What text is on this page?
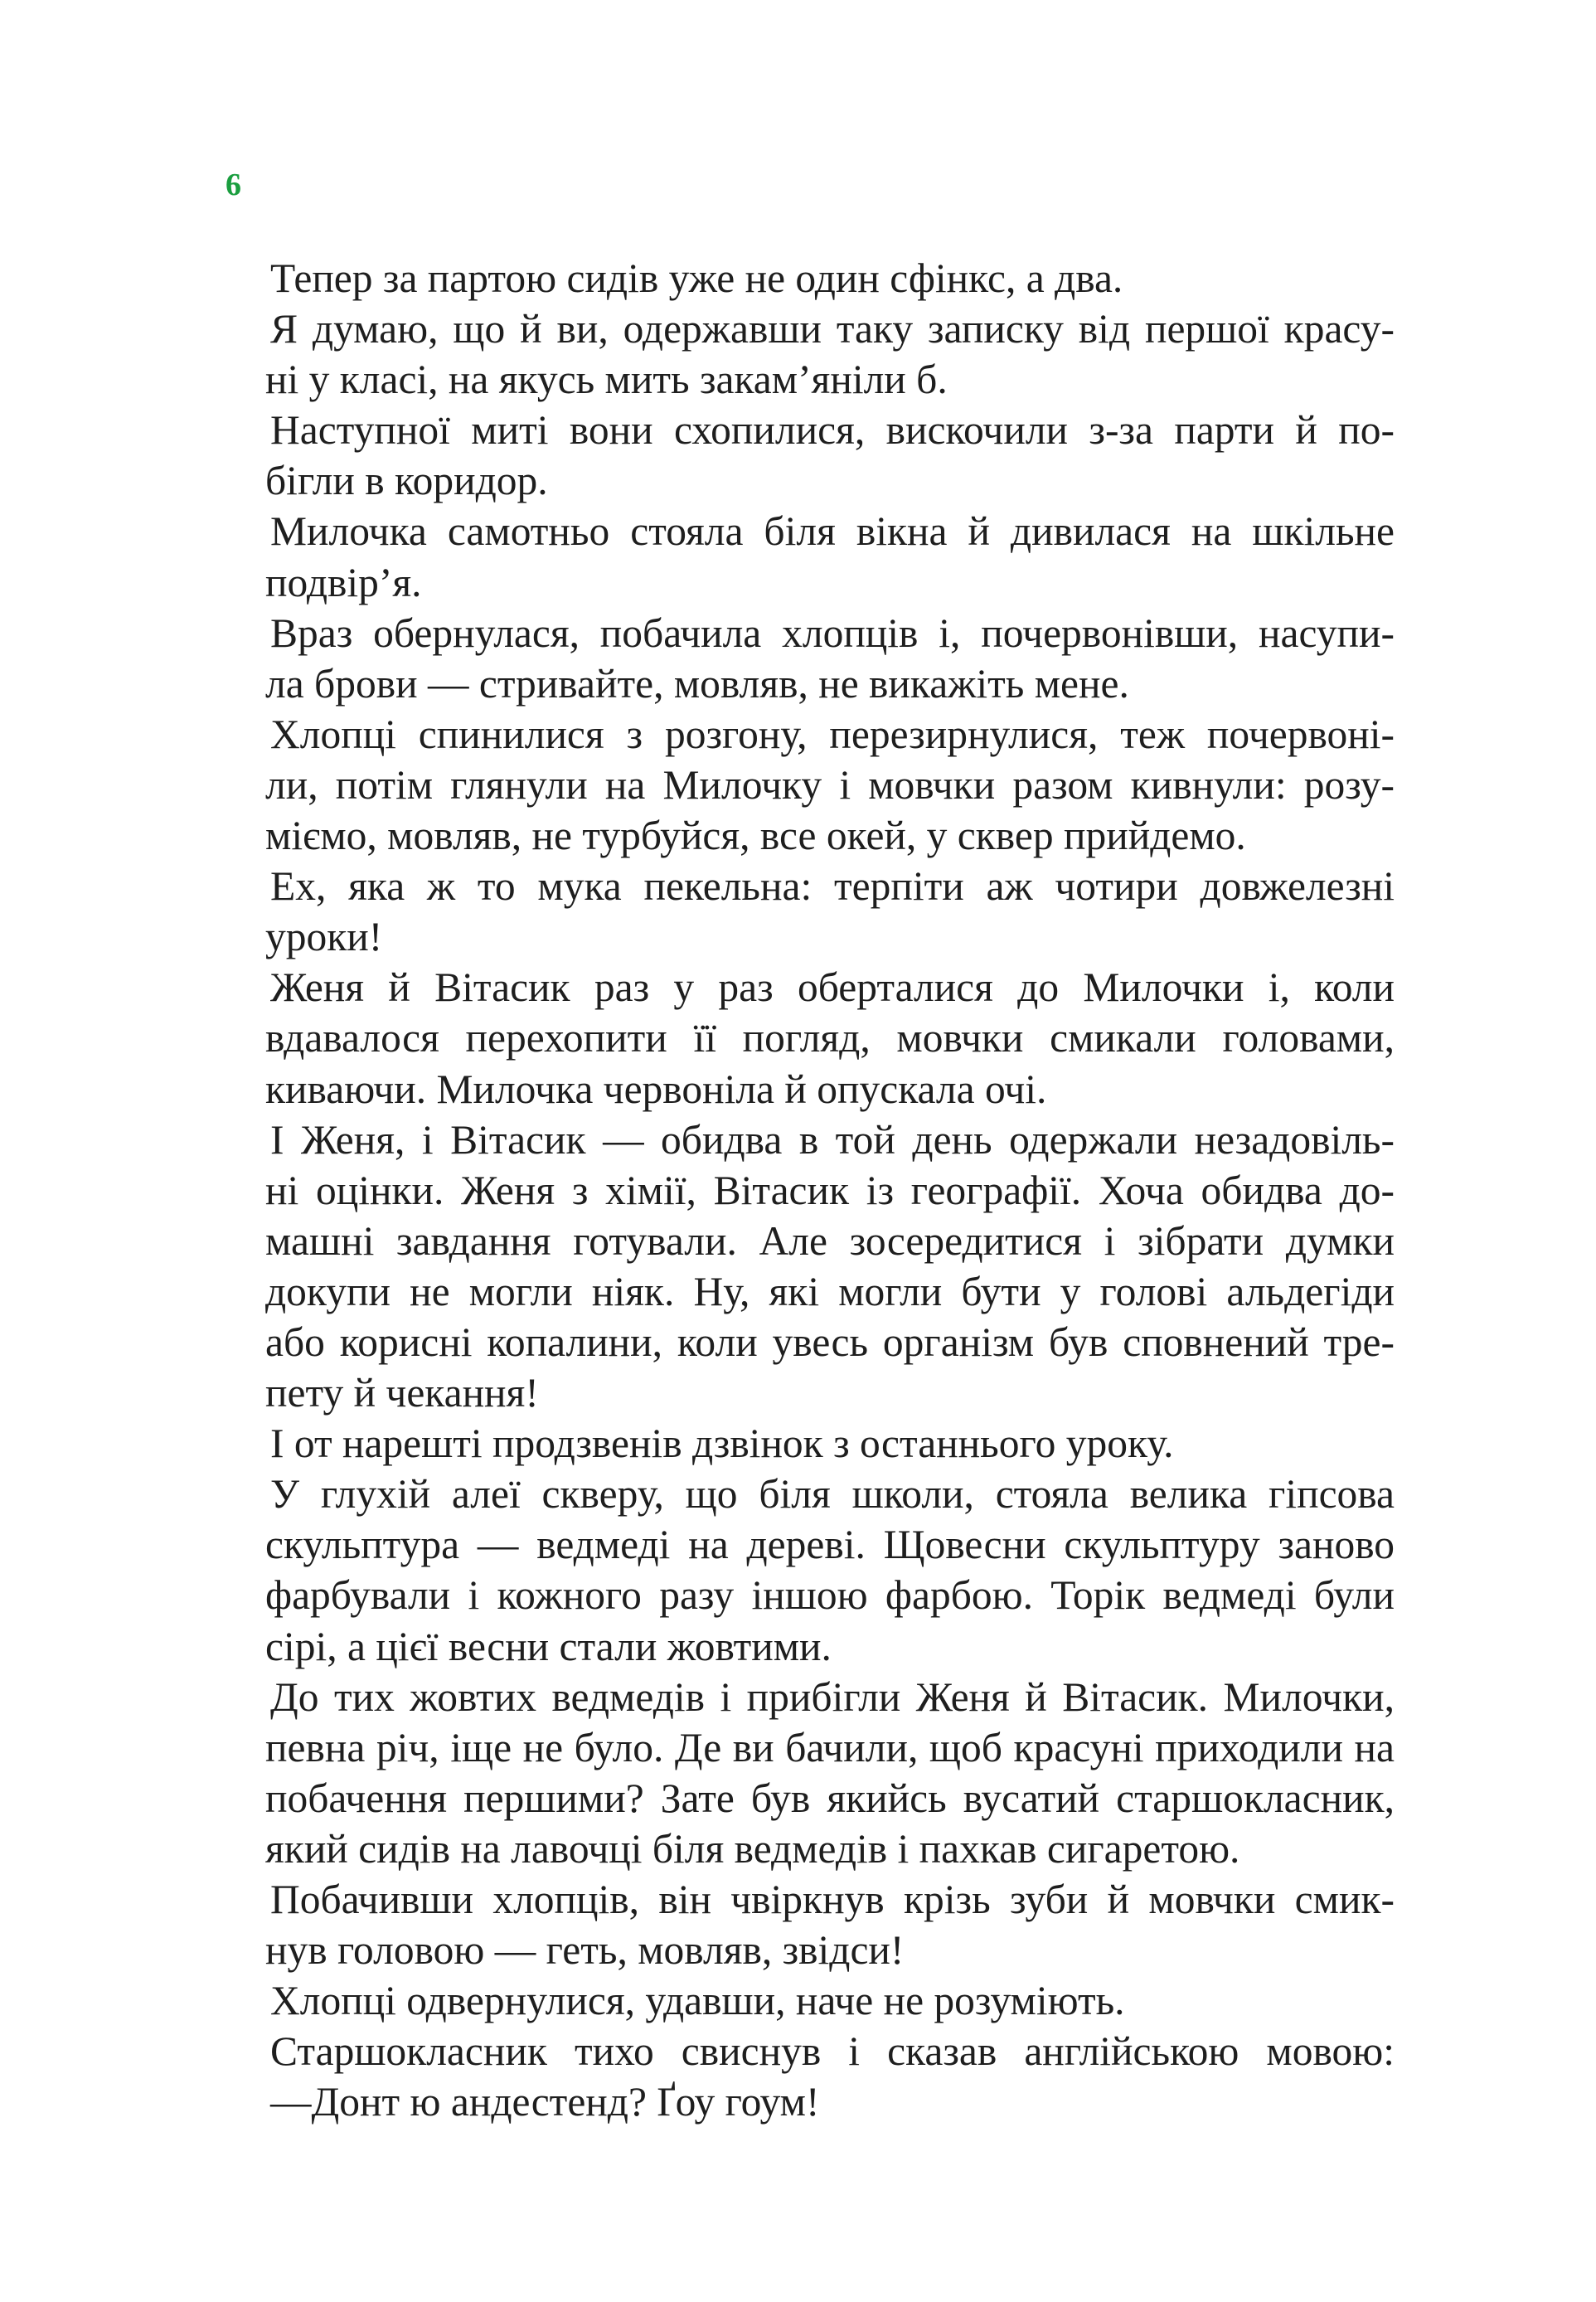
6

Тепер за партою сидів уже не один сфінкс, а два.

Я думаю, що й ви, одержавши таку записку від першої красу-
ні у класі, на якусь мить закам’яніли б.

Наступної миті вони схопилися, вискочили з-за парти й по-
бігли в коридор.

Милочка самотньо стояла біля вікна й дивилася на шкільне
подвір’я.

Враз обернулася, побачила хлопців і, почервонівши, насупи-
ла брови — стривайте, мовляв, не викажіть мене.

Хлопці спинилися з розгону, перезирнулися, теж почервоні-
ли, потім глянули на Милочку і мовчки разом кивнули: розу-
міємо, мовляв, не турбуйся, все окей, у сквер прийдемо.

Ех, яка ж то мука пекельна: терпіти аж чотири довжелезні
уроки!

Женя й Вітасик раз у раз оберталися до Милочки і, коли
вдавалося перехопити її погляд, мовчки смикали головами,
киваючи. Милочка червоніла й опускала очі.

І Женя, і Вітасик — обидва в той день одержали незадовіль-
ні оцінки. Женя з хімії, Вітасик із географії. Хоча обидва до-
машні завдання готували. Але зосередитися і зібрати думки
докупи не могли ніяк. Ну, які могли бути у голові альдегіди
або корисні копалини, коли увесь організм був сповнений тре-
пету й чекання!

І от нарешті продзвенів дзвінок з останнього уроку.

У глухій алеї скверу, що біля школи, стояла велика гіпсова
скульптура — ведмеді на дереві. Щовесни скульптуру заново
фарбували і кожного разу іншою фарбою. Торік ведмеді були
сірі, а цієї весни стали жовтими.

До тих жовтих ведмедів і прибігли Женя й Вітасик. Милочки,
певна річ, іще не було. Де ви бачили, щоб красуні приходили на
побачення першими? Зате був якийсь вусатий старшокласник,
який сидів на лавочці біля ведмедів і пахкав сигаретою.

Побачивши хлопців, він чвіркнув крізь зуби й мовчки смик-
нув головою — геть, мовляв, звідси!

Хлопці одвернулися, удавши, наче не розуміють.

Старшокласник тихо свиснув і сказав англійською мовою:

—Донт ю андестенд? Ґоу гоум!
